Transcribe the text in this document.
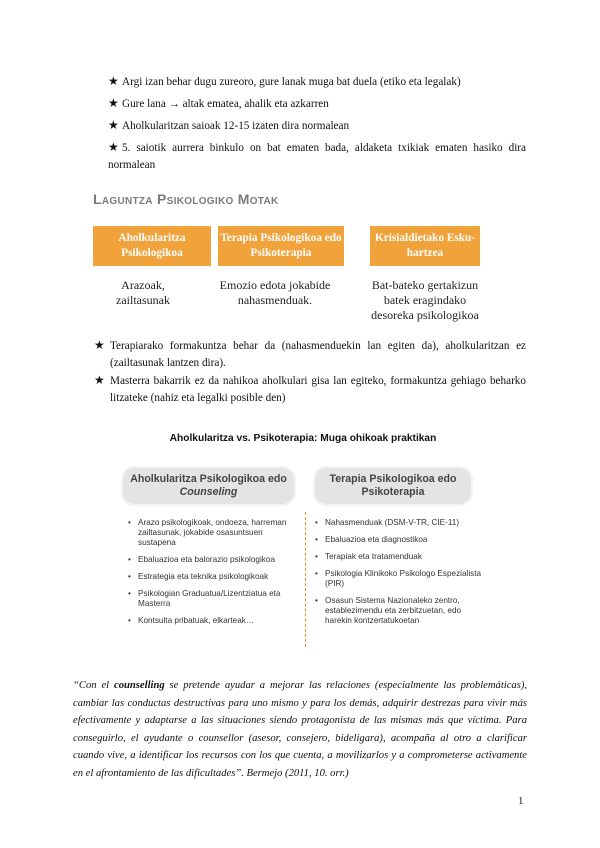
★ Argi izan behar dugu zureoro, gure lanak muga bat duela (etiko eta legalak)
★ Gure lana → altak ematea, ahalik eta azkarren
★ Aholkularitzan saioak 12-15 izaten dira normalean
★ 5. saiotik aurrera binkulo on bat ematen bada, aldaketa txikiak ematen hasiko dira normalean
Laguntza Psikologiko Motak
Aholkularitza Psikologikoa
Terapia Psikologikoa edo Psikoterapia
Krisialdietako Esku-hartzea
Arazoak, zailtasunak
Emozio edota jokabide nahasmenduak.
Bat-bateko gertakizun batek eragindako desoreka psikologikoa
★ Terapiarako formakuntza behar da (nahasmenduekin lan egiten da), aholkularitzan ez (zailtasunak lantzen dira).
★ Masterra bakarrik ez da nahikoa aholkulari gisa lan egiteko, formakuntza gehiago beharko litzateke (nahiz eta legalki posible den)
Aholkularitza vs. Psikoterapia: Muga ohikoak praktikan
Aholkularitza Psikologikoa edo
Counseling
Terapia Psikologikoa edo
Psikoterapia
• Arazo psikologikoak, ondoeza, harreman zailtasunak, jokabide osasuntsuen sustapena
• Ebaluazioa eta balorazio psikologikoa
• Estrategia eta teknika psikologikoak
• Psikologian Graduatua/Lizentziatua eta Masterra
• Kontsulta pribatuak, elkarteak…
• Nahasmenduak (DSM-V-TR, CIE-11)
• Ebaluazioa eta diagnostikoa
• Terapiak eta tratamenduak
• Psikologia Klinikoko Psikologo Espezialista (PIR)
• Osasun Sistema Nazionaleko zentro, establezimendu eta zerbitzuetan, edo harekin kontzertatukoetan
“Con el counselling se pretende ayudar a mejorar las relaciones (especialmente las problemáticas), cambiar las conductas destructivas para uno mismo y para los demás, adquirir destrezas para vivir más efectivamente y adaptarse a las situaciones siendo protagonista de las mismas más que víctima. Para conseguirlo, el ayudante o counsellor (asesor, consejero, bideligara), acompaña al otro a clarificar cuando vive, a identificar los recursos con los que cuenta, a movilizarlos y a comprometerse activamente en el afrontamiento de las dificultades”. Bermejo (2011, 10. orr.)
1
